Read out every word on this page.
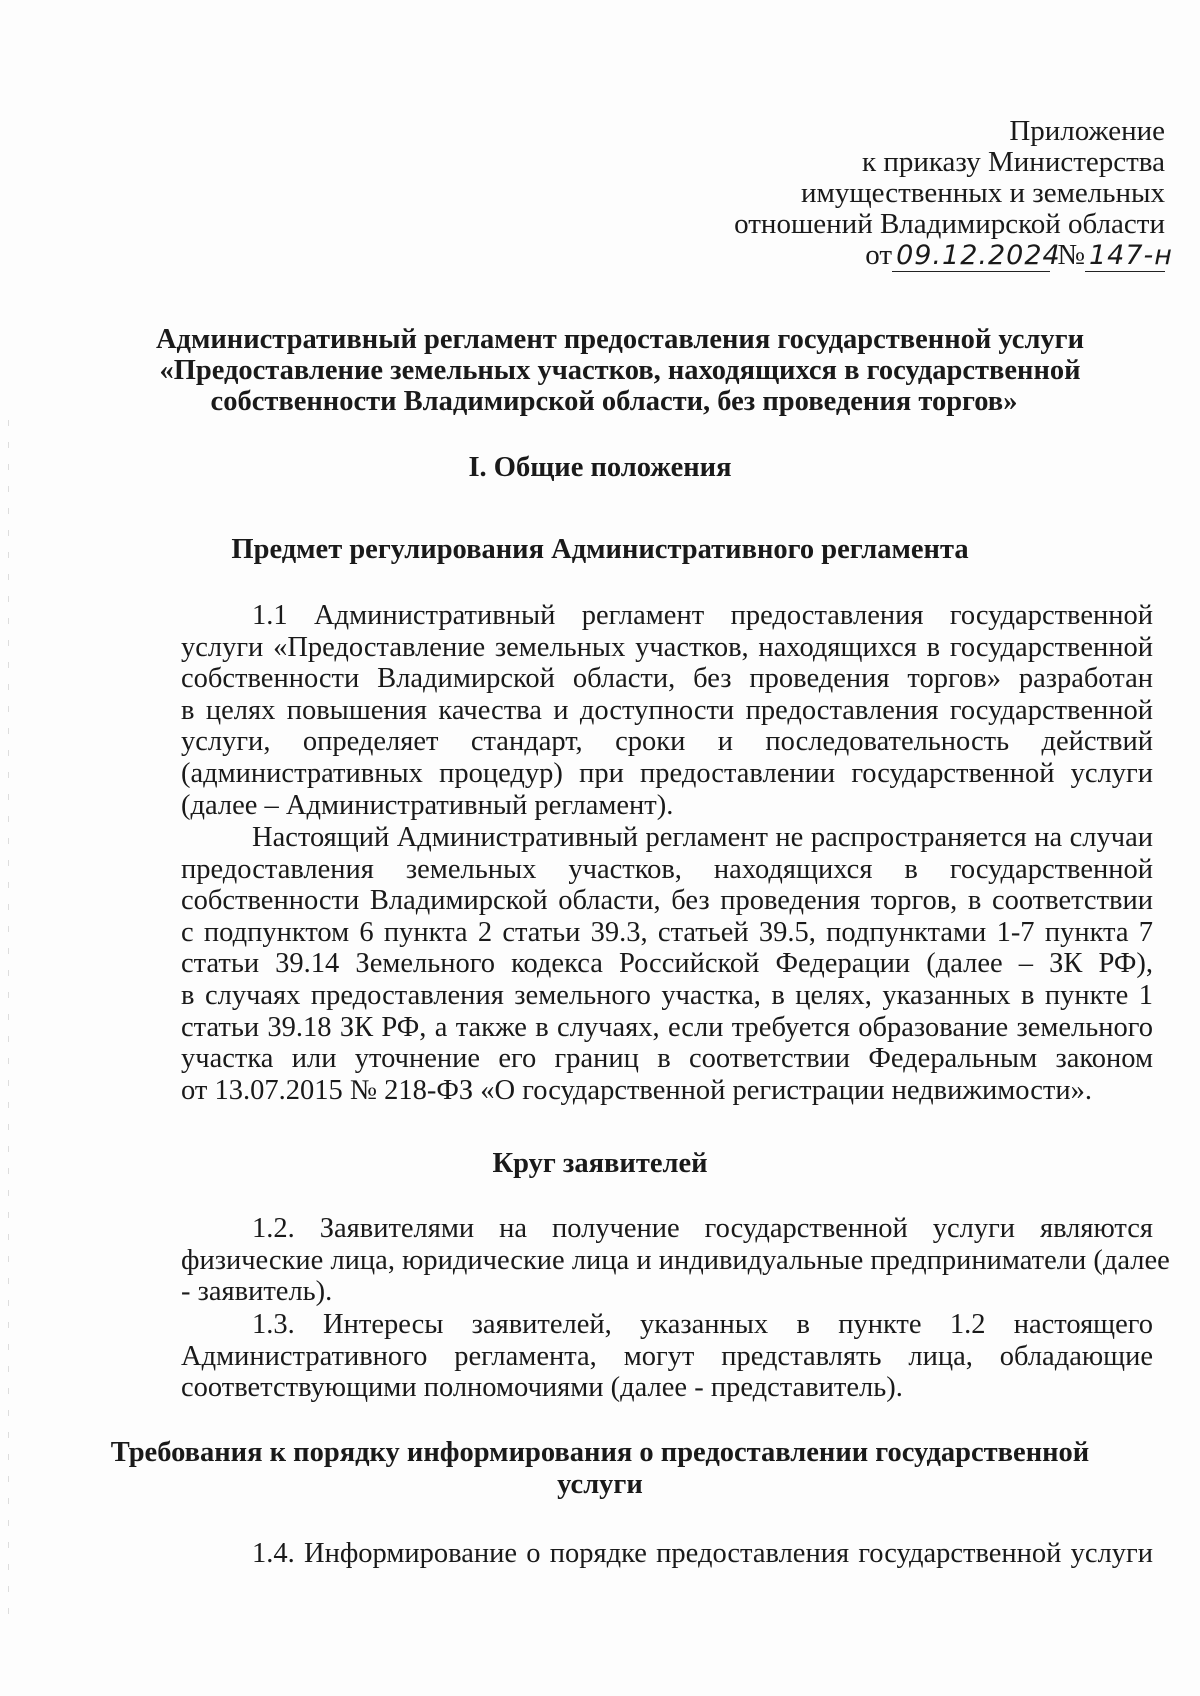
Приложение
к приказу Министерства
имущественных и земельных
отношений Владимирской области
от 09.12.2024 № 147-н
Административный регламент предоставления государственной услуги
«Предоставление земельных участков, находящихся в государственной
собственности Владимирской области, без проведения торгов»
I. Общие положения
Предмет регулирования Административного регламента
1.1 Административный регламент предоставления государственной
услуги «Предоставление земельных участков, находящихся в государственной
собственности Владимирской области, без проведения торгов» разработан
в целях повышения качества и доступности предоставления государственной
услуги, определяет стандарт, сроки и последовательность действий
(административных процедур) при предоставлении государственной услуги
(далее – Административный регламент).
Настоящий Административный регламент не распространяется на случаи
предоставления земельных участков, находящихся в государственной
собственности Владимирской области, без проведения торгов, в соответствии
с подпунктом 6 пункта 2 статьи 39.3, статьей 39.5, подпунктами 1-7 пункта 7
статьи 39.14 Земельного кодекса Российской Федерации (далее – ЗК РФ),
в случаях предоставления земельного участка, в целях, указанных в пункте 1
статьи 39.18 ЗК РФ, а также в случаях, если требуется образование земельного
участка или уточнение его границ в соответствии Федеральным законом
от 13.07.2015 № 218-ФЗ «О государственной регистрации недвижимости».
Круг заявителей
1.2. Заявителями на получение государственной услуги являются
физические лица, юридические лица и индивидуальные предприниматели (далее
- заявитель).
1.3. Интересы заявителей, указанных в пункте 1.2 настоящего
Административного регламента, могут представлять лица, обладающие
соответствующими полномочиями (далее - представитель).
Требования к порядку информирования о предоставлении государственной
услуги
1.4. Информирование о порядке предоставления государственной услуги
